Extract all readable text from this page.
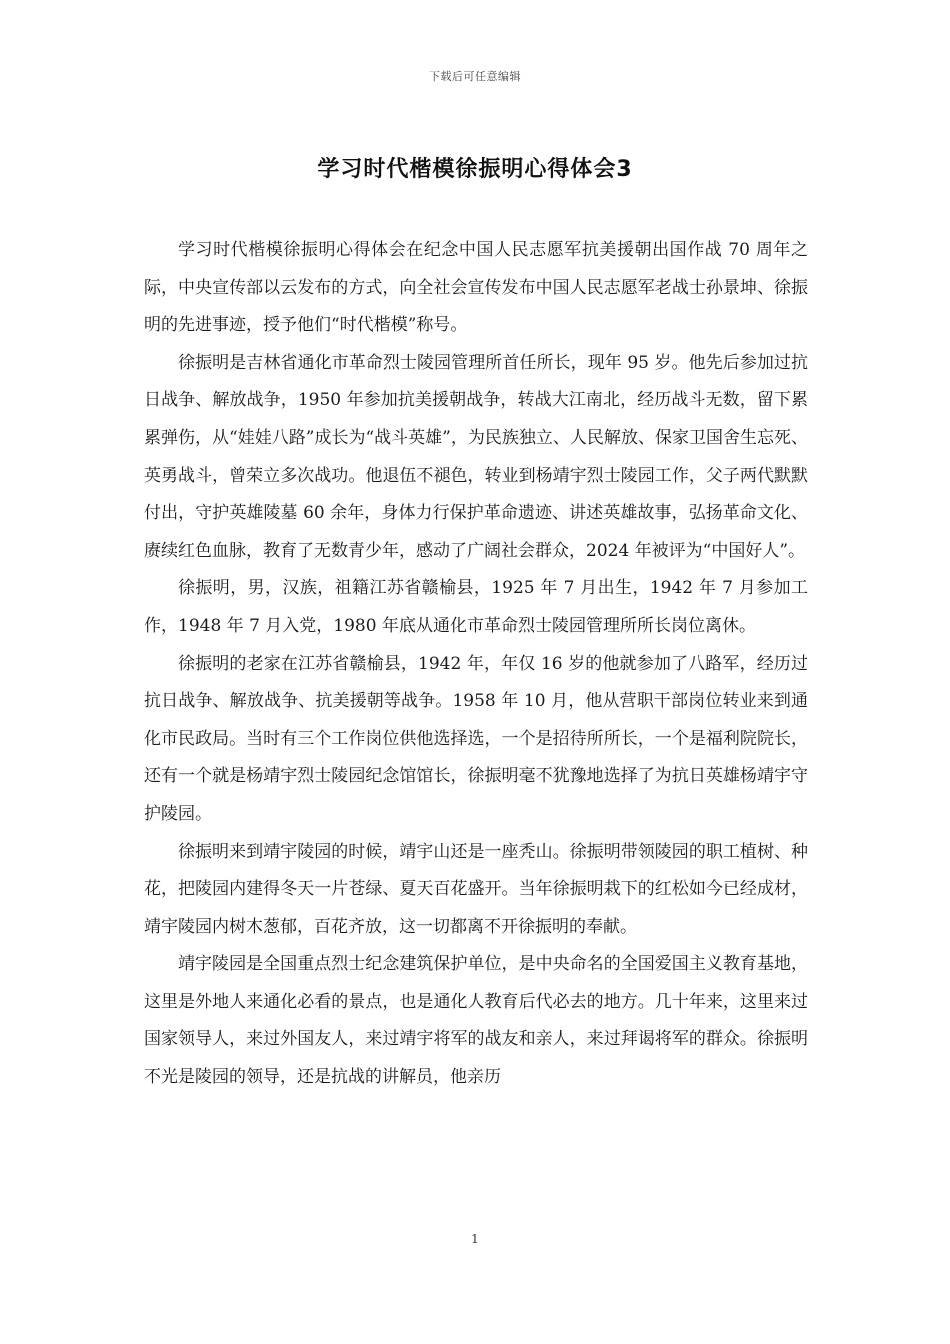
下载后可任意编辑
学习时代楷模徐振明心得体会3

学习时代楷模徐振明心得体会在纪念中国人民志愿军抗美援朝出国作战 70 周年之际，中央宣传部以云发布的方式，向全社会宣传发布中国人民志愿军老战士孙景坤、徐振明的先进事迹，授予他们“时代楷模”称号。

徐振明是吉林省通化市革命烈士陵园管理所首任所长，现年 95 岁。他先后参加过抗日战争、解放战争，1950 年参加抗美援朝战争，转战大江南北，经历战斗无数，留下累累弹伤，从“娃娃八路”成长为“战斗英雄”，为民族独立、人民解放、保家卫国舍生忘死、英勇战斗，曾荣立多次战功。他退伍不褪色，转业到杨靖宇烈士陵园工作，父子两代默默付出，守护英雄陵墓 60 余年，身体力行保护革命遗迹、讲述英雄故事，弘扬革命文化、赓续红色血脉，教育了无数青少年，感动了广阔社会群众，2024 年被评为“中国好人”。

徐振明，男，汉族，祖籍江苏省赣榆县，1925 年 7 月出生，1942 年 7 月参加工作，1948 年 7 月入党，1980 年底从通化市革命烈士陵园管理所所长岗位离休。

徐振明的老家在江苏省赣榆县，1942 年，年仅 16 岁的他就参加了八路军，经历过抗日战争、解放战争、抗美援朝等战争。1958 年 10 月，他从营职干部岗位转业来到通化市民政局。当时有三个工作岗位供他选择选，一个是招待所所长，一个是福利院院长，还有一个就是杨靖宇烈士陵园纪念馆馆长，徐振明毫不犹豫地选择了为抗日英雄杨靖宇守护陵园。

徐振明来到靖宇陵园的时候，靖宇山还是一座秃山。徐振明带领陵园的职工植树、种花，把陵园内建得冬天一片苍绿、夏天百花盛开。当年徐振明栽下的红松如今已经成材，靖宇陵园内树木葱郁，百花齐放，这一切都离不开徐振明的奉献。

靖宇陵园是全国重点烈士纪念建筑保护单位，是中央命名的全国爱国主义教育基地，这里是外地人来通化必看的景点，也是通化人教育后代必去的地方。几十年来，这里来过国家领导人，来过外国友人，来过靖宇将军的战友和亲人，来过拜谒将军的群众。徐振明不光是陵园的领导，还是抗战的讲解员，他亲历

1
